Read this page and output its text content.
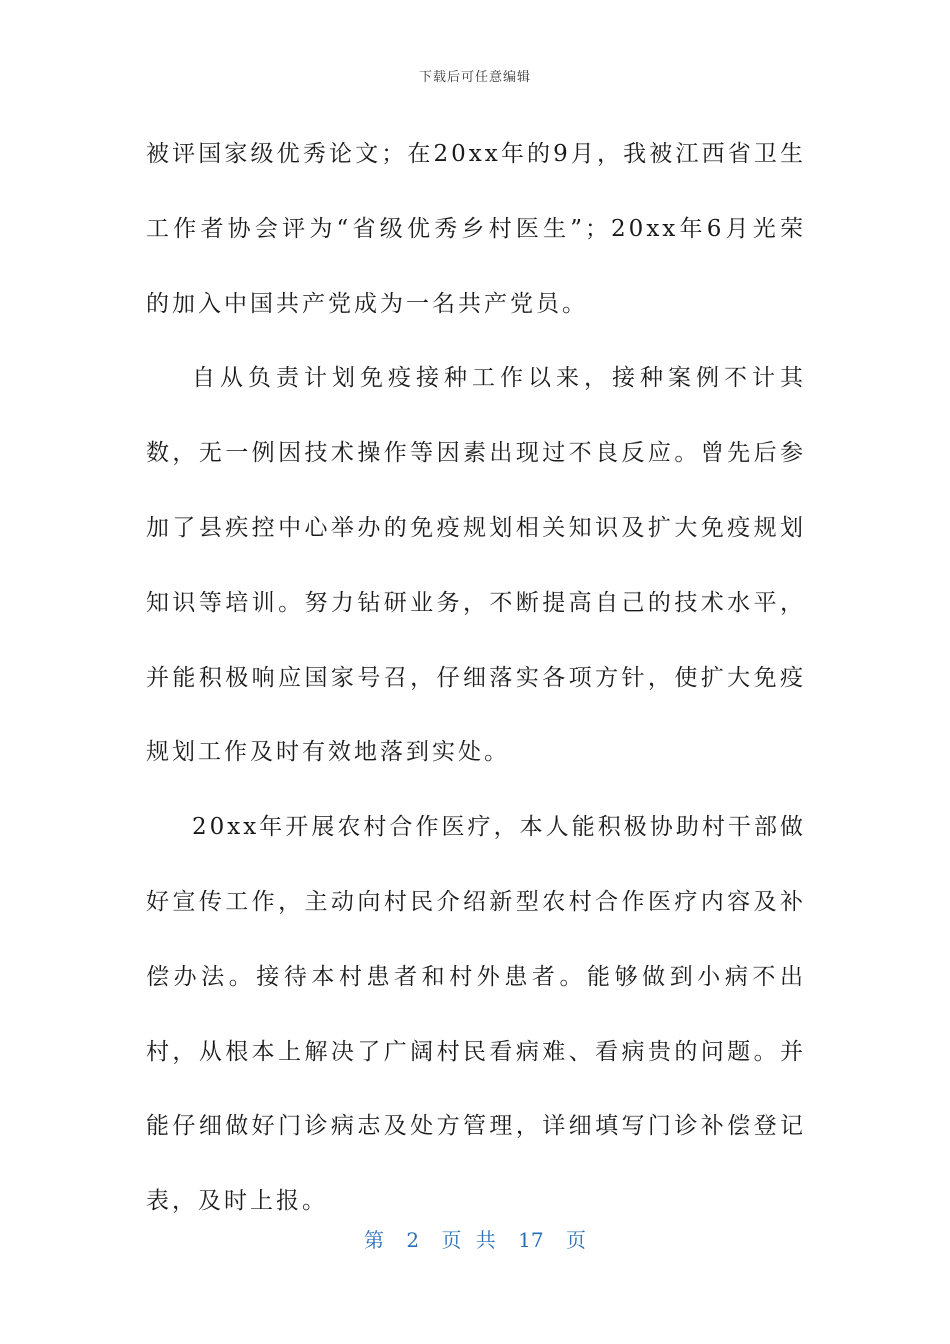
下载后可任意编辑

被评国家级优秀论文；在20xx年的9月，我被江西省卫生工作者协会评为“省级优秀乡村医生”；20xx年6月光荣的加入中国共产党成为一名共产党员。

自从负责计划免疫接种工作以来，接种案例不计其数，无一例因技术操作等因素出现过不良反应。曾先后参加了县疾控中心举办的免疫规划相关知识及扩大免疫规划知识等培训。努力钻研业务，不断提高自己的技术水平，并能积极响应国家号召，仔细落实各项方针，使扩大免疫规划工作及时有效地落到实处。

20xx年开展农村合作医疗，本人能积极协助村干部做好宣传工作，主动向村民介绍新型农村合作医疗内容及补偿办法。接待本村患者和村外患者。能够做到小病不出村，从根本上解决了广阔村民看病难、看病贵的问题。并能仔细做好门诊病志及处方管理，详细填写门诊补偿登记表，及时上报。

第 2 页 共 17 页
